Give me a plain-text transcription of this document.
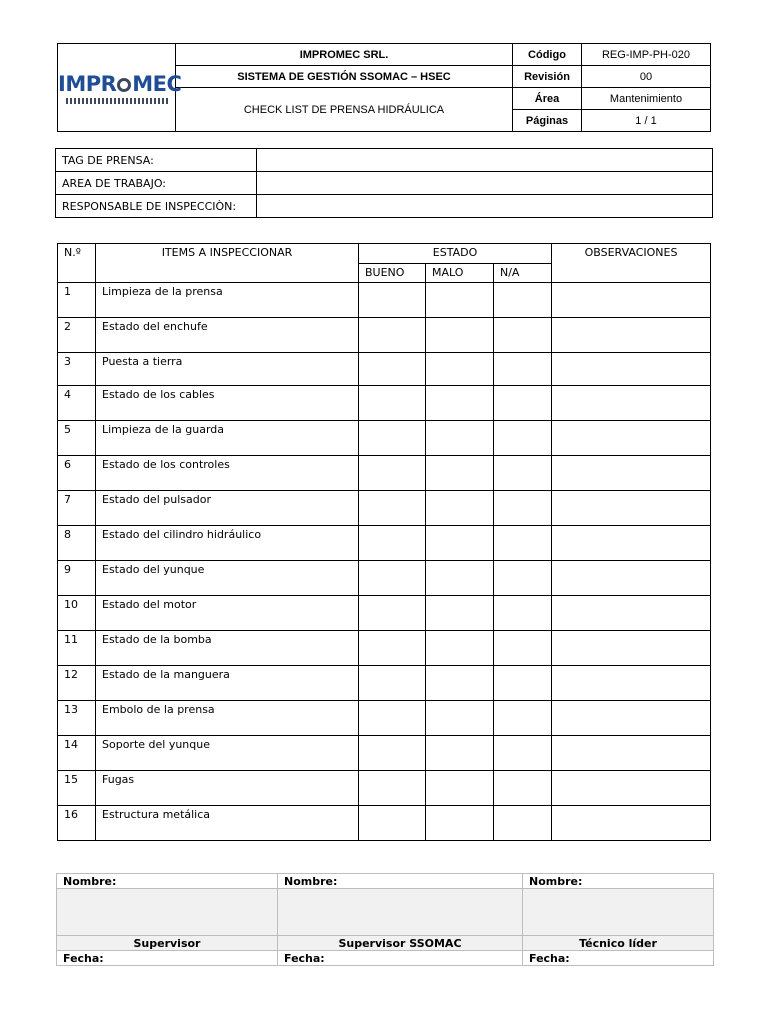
IMPR MEC	IMPROMEC SRL.	Código	REG-IMP-PH-020
	SISTEMA DE GESTIÓN SSOMAC – HSEC	Revisión	00
	CHECK LIST DE PRENSA HIDRÁULICA	Área	Mantenimiento
		Páginas	1 / 1
TAG DE PRENSA:	
AREA DE TRABAJO:	
RESPONSABLE DE INSPECCIÒN:	
N.º	ITEMS A INSPECCIONAR	ESTADO			OBSERVACIONES
		BUENO	MALO	N/A	
1	Limpieza de la prensa				
2	Estado del enchufe				
3	Puesta a tierra				
4	Estado de los cables				
5	Limpieza de la guarda				
6	Estado de los controles				
7	Estado del pulsador				
8	Estado del cilindro hidráulico				
9	Estado del yunque				
10	Estado del motor				
11	Estado de la bomba				
12	Estado de la manguera				
13	Embolo de la prensa				
14	Soporte del yunque				
15	Fugas				
16	Estructura metálica				
Nombre:	Nombre:	Nombre:

Supervisor	Supervisor SSOMAC	Técnico líder
Fecha:	Fecha:	Fecha:
